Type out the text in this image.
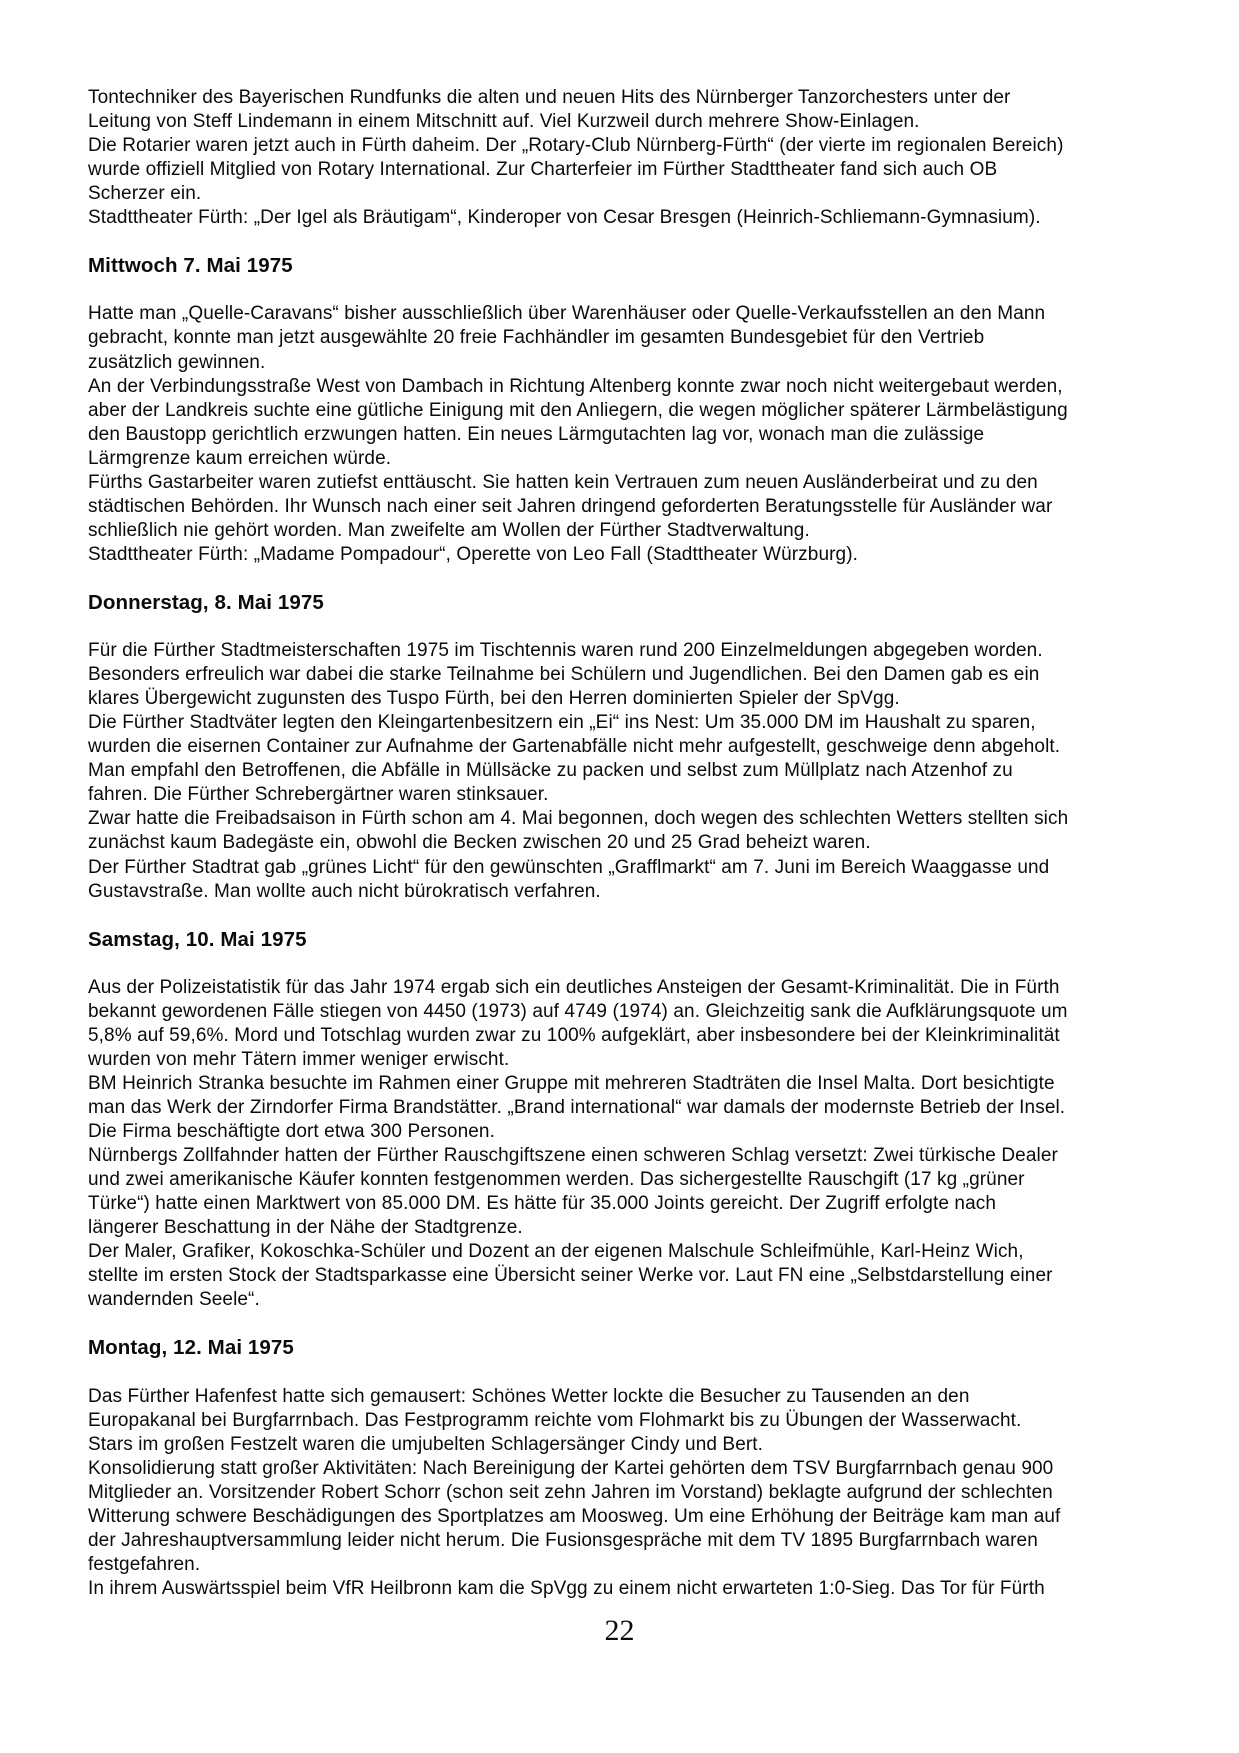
Tontechniker des Bayerischen Rundfunks die alten und neuen Hits des Nürnberger Tanzorchesters unter der
Leitung von Steff Lindemann in einem Mitschnitt auf. Viel Kurzweil durch mehrere Show-Einlagen.
Die Rotarier waren jetzt auch in Fürth daheim. Der „Rotary-Club Nürnberg-Fürth“ (der vierte im regionalen Bereich)
wurde offiziell Mitglied von Rotary International. Zur Charterfeier im Fürther Stadttheater fand sich auch OB
Scherzer ein.
Stadttheater Fürth: „Der Igel als Bräutigam“, Kinderoper von Cesar Bresgen (Heinrich-Schliemann-Gymnasium).
Mittwoch 7. Mai 1975
Hatte man „Quelle-Caravans“ bisher ausschließlich über Warenhäuser oder Quelle-Verkaufsstellen an den Mann
gebracht, konnte man jetzt ausgewählte 20 freie Fachhändler im gesamten Bundesgebiet für den Vertrieb
zusätzlich gewinnen.
An der Verbindungsstraße West von Dambach in Richtung Altenberg konnte zwar noch nicht weitergebaut werden,
aber der Landkreis suchte eine gütliche Einigung mit den Anliegern, die wegen möglicher späterer Lärmbelästigung
den Baustopp gerichtlich erzwungen hatten. Ein neues Lärmgutachten lag vor, wonach man die zulässige
Lärmgrenze kaum erreichen würde.
Fürths Gastarbeiter waren zutiefst enttäuscht. Sie hatten kein Vertrauen zum neuen Ausländerbeirat und zu den
städtischen Behörden. Ihr Wunsch nach einer seit Jahren dringend geforderten Beratungsstelle für Ausländer war
schließlich nie gehört worden. Man zweifelte am Wollen der Fürther Stadtverwaltung.
Stadttheater Fürth: „Madame Pompadour“, Operette von Leo Fall (Stadttheater Würzburg).
Donnerstag, 8. Mai 1975
Für die Fürther Stadtmeisterschaften 1975 im Tischtennis waren rund 200 Einzelmeldungen abgegeben worden.
Besonders erfreulich war dabei die starke Teilnahme bei Schülern und Jugendlichen. Bei den Damen gab es ein
klares Übergewicht zugunsten des Tuspo Fürth, bei den Herren dominierten Spieler der SpVgg.
Die Fürther Stadtväter legten den Kleingartenbesitzern ein „Ei“ ins Nest: Um 35.000 DM im Haushalt zu sparen,
wurden die eisernen Container zur Aufnahme der Gartenabfälle nicht mehr aufgestellt, geschweige denn abgeholt.
Man empfahl den Betroffenen, die Abfälle in Müllsäcke zu packen und selbst zum Müllplatz nach Atzenhof zu
fahren. Die Fürther Schrebergärtner waren stinksauer.
Zwar hatte die Freibadsaison in Fürth schon am 4. Mai begonnen, doch wegen des schlechten Wetters stellten sich
zunächst kaum Badegäste ein, obwohl die Becken zwischen 20 und 25 Grad beheizt waren.
Der Fürther Stadtrat gab „grünes Licht“ für den gewünschten „Grafflmarkt“ am 7. Juni im Bereich Waaggasse und
Gustavstraße. Man wollte auch nicht bürokratisch verfahren.
Samstag, 10. Mai 1975
Aus der Polizeistatistik für das Jahr 1974 ergab sich ein deutliches Ansteigen der Gesamt-Kriminalität. Die in Fürth
bekannt gewordenen Fälle stiegen von 4450 (1973) auf 4749 (1974) an. Gleichzeitig sank die Aufklärungsquote um
5,8% auf 59,6%. Mord und Totschlag wurden zwar zu 100% aufgeklärt, aber insbesondere bei der Kleinkriminalität
wurden von mehr Tätern immer weniger erwischt.
BM Heinrich Stranka besuchte im Rahmen einer Gruppe mit mehreren Stadträten die Insel Malta. Dort besichtigte
man das Werk der Zirndorfer Firma Brandstätter. „Brand international“ war damals der modernste Betrieb der Insel.
Die Firma beschäftigte dort etwa 300 Personen.
Nürnbergs Zollfahnder hatten der Fürther Rauschgiftszene einen schweren Schlag versetzt: Zwei türkische Dealer
und zwei amerikanische Käufer konnten festgenommen werden. Das sichergestellte Rauschgift (17 kg „grüner
Türke“) hatte einen Marktwert von 85.000 DM. Es hätte für 35.000 Joints gereicht. Der Zugriff erfolgte nach
längerer Beschattung in der Nähe der Stadtgrenze.
Der Maler, Grafiker, Kokoschka-Schüler und Dozent an der eigenen Malschule Schleifmühle, Karl-Heinz Wich,
stellte im ersten Stock der Stadtsparkasse eine Übersicht seiner Werke vor. Laut FN eine „Selbstdarstellung einer
wandernden Seele“.
Montag, 12. Mai 1975
Das Fürther Hafenfest hatte sich gemausert: Schönes Wetter lockte die Besucher zu Tausenden an den
Europakanal bei Burgfarrnbach. Das Festprogramm reichte vom Flohmarkt bis zu Übungen der Wasserwacht.
Stars im großen Festzelt waren die umjubelten Schlagersänger Cindy und Bert.
Konsolidierung statt großer Aktivitäten: Nach Bereinigung der Kartei gehörten dem TSV Burgfarrnbach genau 900
Mitglieder an. Vorsitzender Robert Schorr (schon seit zehn Jahren im Vorstand) beklagte aufgrund der schlechten
Witterung schwere Beschädigungen des Sportplatzes am Moosweg. Um eine Erhöhung der Beiträge kam man auf
der Jahreshauptversammlung leider nicht herum. Die Fusionsgespräche mit dem TV 1895 Burgfarrnbach waren
festgefahren.
In ihrem Auswärtsspiel beim VfR Heilbronn kam die SpVgg zu einem nicht erwarteten 1:0-Sieg. Das Tor für Fürth
22
